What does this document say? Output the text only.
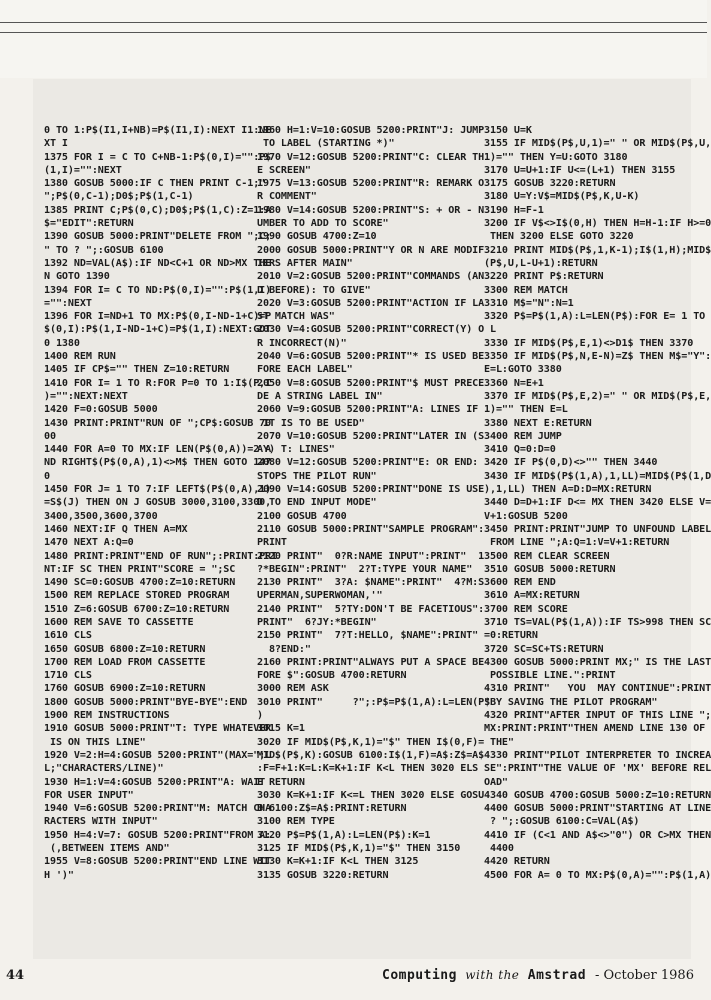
0 TO 1:P$(I1,I+NB)=P$(I1,I):NEXT I1:NE
XT I
1375 FOR I = C TO C+NB-1:P$(0,I)="":P$
(1,I)="":NEXT
1380 GOSUB 5000:IF C THEN PRINT C-1;"
";P$(0,C-1);D0$;P$(1,C-1)
1385 PRINT C;P$(0,C);D0$;P$(1,C):Z=1:A
$="EDIT":RETURN
1390 GOSUB 5000:PRINT"DELETE FROM ";C;
" TO ? ";:GOSUB 6100
1392 ND=VAL(A$):IF ND<C+1 OR ND>MX THE
N GOTO 1390
1394 FOR I= C TO ND:P$(0,I)="":P$(1,I)
="":NEXT
1396 FOR I=ND+1 TO MX:P$(0,I-ND-1+C)=P
$(0,I):P$(1,I-ND-1+C)=P$(1,I):NEXT:GOT
0 1380
1400 REM RUN
1405 IF CP$="" THEN Z=10:RETURN
1410 FOR I= 1 TO R:FOR P=0 TO 1:I$(P,I
)="":NEXT:NEXT
1420 F=0:GOSUB 5000
1430 PRINT:PRINT"RUN OF ";CP$:GOSUB 70
00
1440 FOR A=0 TO MX:IF LEN(P$(0,A))=2 A
ND RIGHT$(P$(0,A),1)<>M$ THEN GOTO 147
0
1450 FOR J= 1 TO 7:IF LEFT$(P$(0,A),1)
=S$(J) THEN ON J GOSUB 3000,3100,3300,
3400,3500,3600,3700
1460 NEXT:IF Q THEN A=MX
1470 NEXT A:Q=0
1480 PRINT:PRINT"END OF RUN";:PRINT:PRI
NT:IF SC THEN PRINT"SCORE = ";SC
1490 SC=0:GOSUB 4700:Z=10:RETURN
1500 REM REPLACE STORED PROGRAM
1510 Z=6:GOSUB 6700:Z=10:RETURN
1600 REM SAVE TO CASSETTE
1610 CLS
1650 GOSUB 6800:Z=10:RETURN
1700 REM LOAD FROM CASSETTE
1710 CLS
1760 GOSUB 6900:Z=10:RETURN
1800 GOSUB 5000:PRINT"BYE-BYE":END
1900 REM INSTRUCTIONS
1910 GOSUB 5000:PRINT"T: TYPE WHATEVER
IS ON THIS LINE"
1920 V=2:H=4:GOSUB 5200:PRINT"(MAX=";L
L;"CHARACTERS/LINE)"
1930 H=1:V=4:GOSUB 5200:PRINT"A: WAIT
FOR USER INPUT"
1940 V=6:GOSUB 5200:PRINT"M: MATCH CHA
RACTERS WITH INPUT"
1950 H=4:V=7: GOSUB 5200:PRINT"FROM A:
(,BETWEEN ITEMS AND"
1955 V=8:GOSUB 5200:PRINT"END LINE WIT
H ')"
1960 H=1:V=10:GOSUB 5200:PRINT"J: JUMP
TO LABEL (STARTING *)"
1970 V=12:GOSUB 5200:PRINT"C: CLEAR TH
E SCREEN"
1975 V=13:GOSUB 5200:PRINT"R: REMARK O
R COMMENT"
1980 V=14:GOSUB 5200:PRINT"S: + OR - N
UMBER TO ADD TO SCORE"
1990 GOSUB 4700:Z=10
2000 GOSUB 5000:PRINT"Y OR N ARE MODIF
IERS AFTER MAIN"
2010 V=2:GOSUB 5200:PRINT"COMMANDS (AN
D BEFORE): TO GIVE"
2020 V=3:GOSUB 5200:PRINT"ACTION IF LA
ST MATCH WAS"
2030 V=4:GOSUB 5200:PRINT"CORRECT(Y) O
R INCORRECT(N)"
2040 V=6:GOSUB 5200:PRINT"* IS USED BE
FORE EACH LABEL"
2050 V=8:GOSUB 5200:PRINT"$ MUST PRECE
DE A STRING LABEL IN"
2060 V=9:GOSUB 5200:PRINT"A: LINES IF
IT IS TO BE USED"
2070 V=10:GOSUB 5200:PRINT"LATER IN (S
AY) T: LINES"
2080 V=12:GOSUB 5200:PRINT"E: OR END:
STOPS THE PILOT RUN"
2090 V=14:GOSUB 5200:PRINT"DONE IS USE
D TO END INPUT MODE"
2100 GOSUB 4700
2110 GOSUB 5000:PRINT"SAMPLE PROGRAM":
PRINT
2120 PRINT"  0?R:NAME INPUT":PRINT"  1
?*BEGIN":PRINT"  2?T:TYPE YOUR NAME"
2130 PRINT"  3?A: $NAME":PRINT"  4?M:S
UPERMAN,SUPERWOMAN,'"
2140 PRINT"  5?TY:DON'T BE FACETIOUS":
PRINT"  6?JY:*BEGIN"
2150 PRINT"  7?T:HELLO, $NAME":PRINT"
8?END:"
2160 PRINT:PRINT"ALWAYS PUT A SPACE BE
FORE $":GOSUB 4700:RETURN
3000 REM ASK
3010 PRINT"     ?";:P$=P$(1,A):L=LEN(P$
)
3015 K=1
3020 IF MID$(P$,K,1)="$" THEN I$(0,F)=
MID$(P$,K):GOSUB 6100:I$(1,F)=A$:Z$=A$
:F=F+1:K=L:K=K+1:IF K<L THEN 3020 ELS
E RETURN
3030 K=K+1:IF K<=L THEN 3020 ELSE GOSU
B 6100:Z$=A$:PRINT:RETURN
3100 REM TYPE
3120 P$=P$(1,A):L=LEN(P$):K=1
3125 IF MID$(P$,K,1)="$" THEN 3150
3130 K=K+1:IF K<L THEN 3125
3135 GOSUB 3220:RETURN
3150 U=K
3155 IF MID$(P$,U,1)=" " OR MID$(P$,U,
1)="" THEN Y=U:GOTO 3180
3170 U=U+1:IF U<=(L+1) THEN 3155
3175 GOSUB 3220:RETURN
3180 U=Y:V$=MID$(P$,K,U-K)
3190 H=F-1
3200 IF V$<>I$(0,H) THEN H=H-1:IF H>=0
THEN 3200 ELSE GOTO 3220
3210 PRINT MID$(P$,1,K-1);I$(1,H);MID$
(P$,U,L-U+1):RETURN
3220 PRINT P$:RETURN
3300 REM MATCH
3310 M$="N":N=1
3320 P$=P$(1,A):L=LEN(P$):FOR E= 1 TO
L
3330 IF MID$(P$,E,1)<>D1$ THEN 3370
3350 IF MID$(P$,N,E-N)=Z$ THEN M$="Y":
E=L:GOTO 3380
3360 N=E+1
3370 IF MID$(P$,E,2)=" " OR MID$(P$,E,
1)="" THEN E=L
3380 NEXT E:RETURN
3400 REM JUMP
3410 Q=0:D=0
3420 IF P$(0,D)<>"" THEN 3440
3430 IF MID$(P$(1,A),1,LL)=MID$(P$(1,D
),1,LL) THEN A=D:D=MX:RETURN
3440 D=D+1:IF D<= MX THEN 3420 ELSE V=
V+1:GOSUB 5200
3450 PRINT:PRINT"JUMP TO UNFOUND LABEL
FROM LINE ";A:Q=1:V=V+1:RETURN
3500 REM CLEAR SCREEN
3510 GOSUB 5000:RETURN
3600 REM END
3610 A=MX:RETURN
3700 REM SCORE
3710 TS=VAL(P$(1,A)):IF TS>998 THEN SC
=0:RETURN
3720 SC=SC+TS:RETURN
4300 GOSUB 5000:PRINT MX;" IS THE LAST
POSSIBLE LINE.":PRINT
4310 PRINT"   YOU  MAY CONTINUE":PRINT
"BY SAVING THE PILOT PROGRAM"
4320 PRINT"AFTER INPUT OF THIS LINE ";
MX:PRINT:PRINT"THEN AMEND LINE 130 OF
THE"
4330 PRINT"PILOT INTERPRETER TO INCREA
SE":PRINT"THE VALUE OF 'MX' BEFORE REL
OAD"
4340 GOSUB 4700:GOSUB 5000:Z=10:RETURN
4400 GOSUB 5000:PRINT"STARTING AT LINE
? ";:GOSUB 6100:C=VAL(A$)
4410 IF (C<1 AND A$<>"0") OR C>MX THEN
4400
4420 RETURN
4500 FOR A= 0 TO MX:P$(0,A)="":P$(1,A)
44	Computing with the Amstrad - October 1986
